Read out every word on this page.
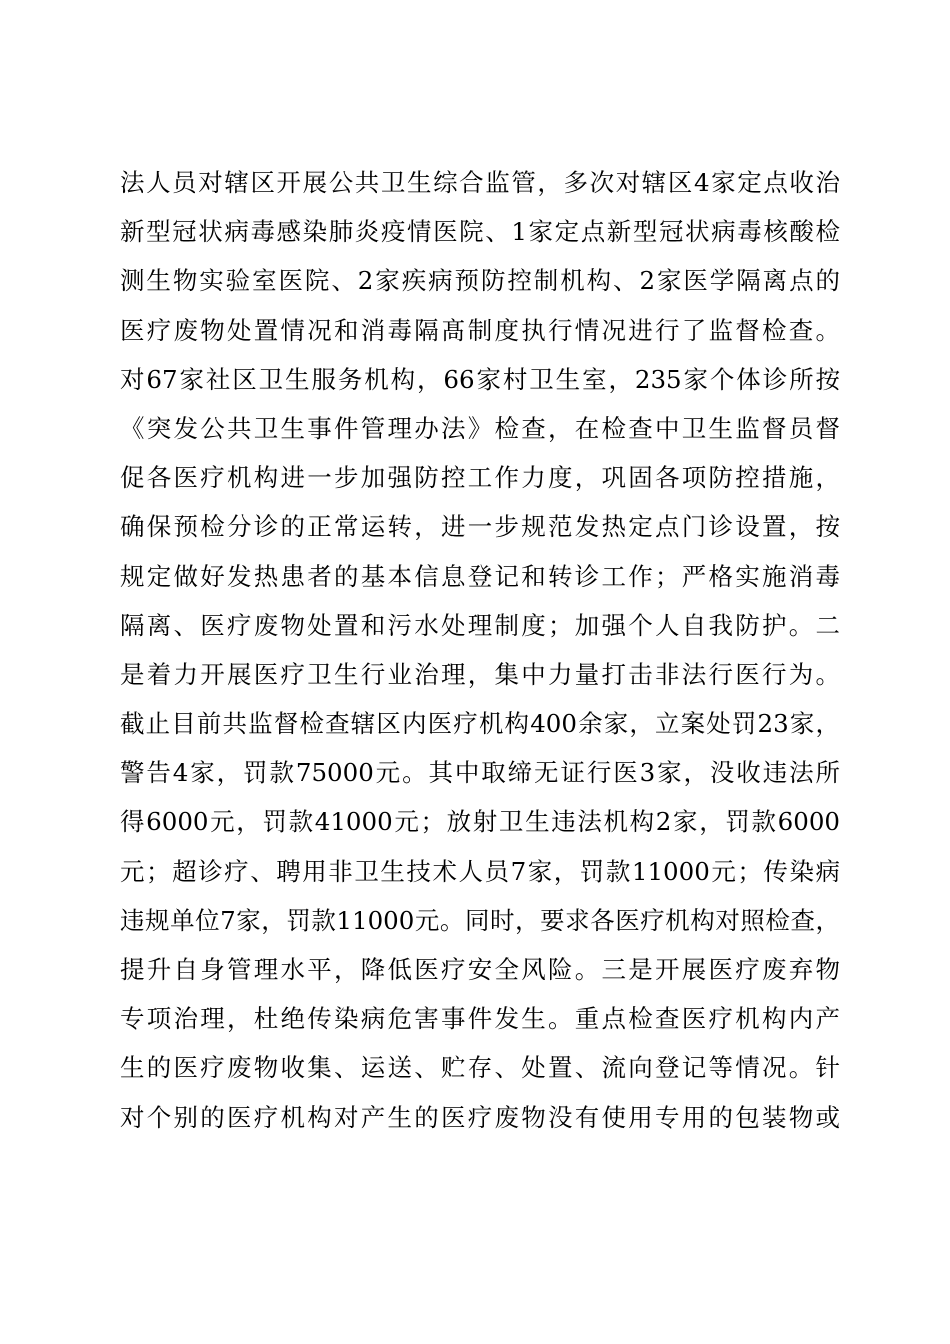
法人员对辖区开展公共卫生综合监管，多次对辖区4家定点收治
新型冠状病毒感染肺炎疫情医院、1家定点新型冠状病毒核酸检
测生物实验室医院、2家疾病预防控制机构、2家医学隔离点的
医疗废物处置情况和消毒隔髙制度执行情况进行了监督检查。
对67家社区卫生服务机构，66家村卫生室，235家个体诊所按
《突发公共卫生事件管理办法》检查，在检查中卫生监督员督
促各医疗机构进一步加强防控工作力度，巩固各项防控措施，
确保预检分诊的正常运转，进一步规范发热定点门诊设置，按
规定做好发热患者的基本信息登记和转诊工作；严格实施消毒
隔离、医疗废物处置和污水处理制度；加强个人自我防护。二
是着力开展医疗卫生行业治理，集中力量打击非法行医行为。
截止目前共监督检查辖区内医疗机构400余家，立案处罚23家，
警告4家，罚款75000元。其中取缔无证行医3家，没收违法所
得6000元，罚款41000元；放射卫生违法机构2家，罚款6000
元；超诊疗、聘用非卫生技术人员7家，罚款11000元；传染病
违规单位7家，罚款11000元。同时，要求各医疗机构对照检查，
提升自身管理水平，降低医疗安全风险。三是开展医疗废弃物
专项治理，杜绝传染病危害事件发生。重点检查医疗机构内产
生的医疗废物收集、运送、贮存、处置、流向登记等情况。针
对个别的医疗机构对产生的医疗废物没有使用专用的包装物或
